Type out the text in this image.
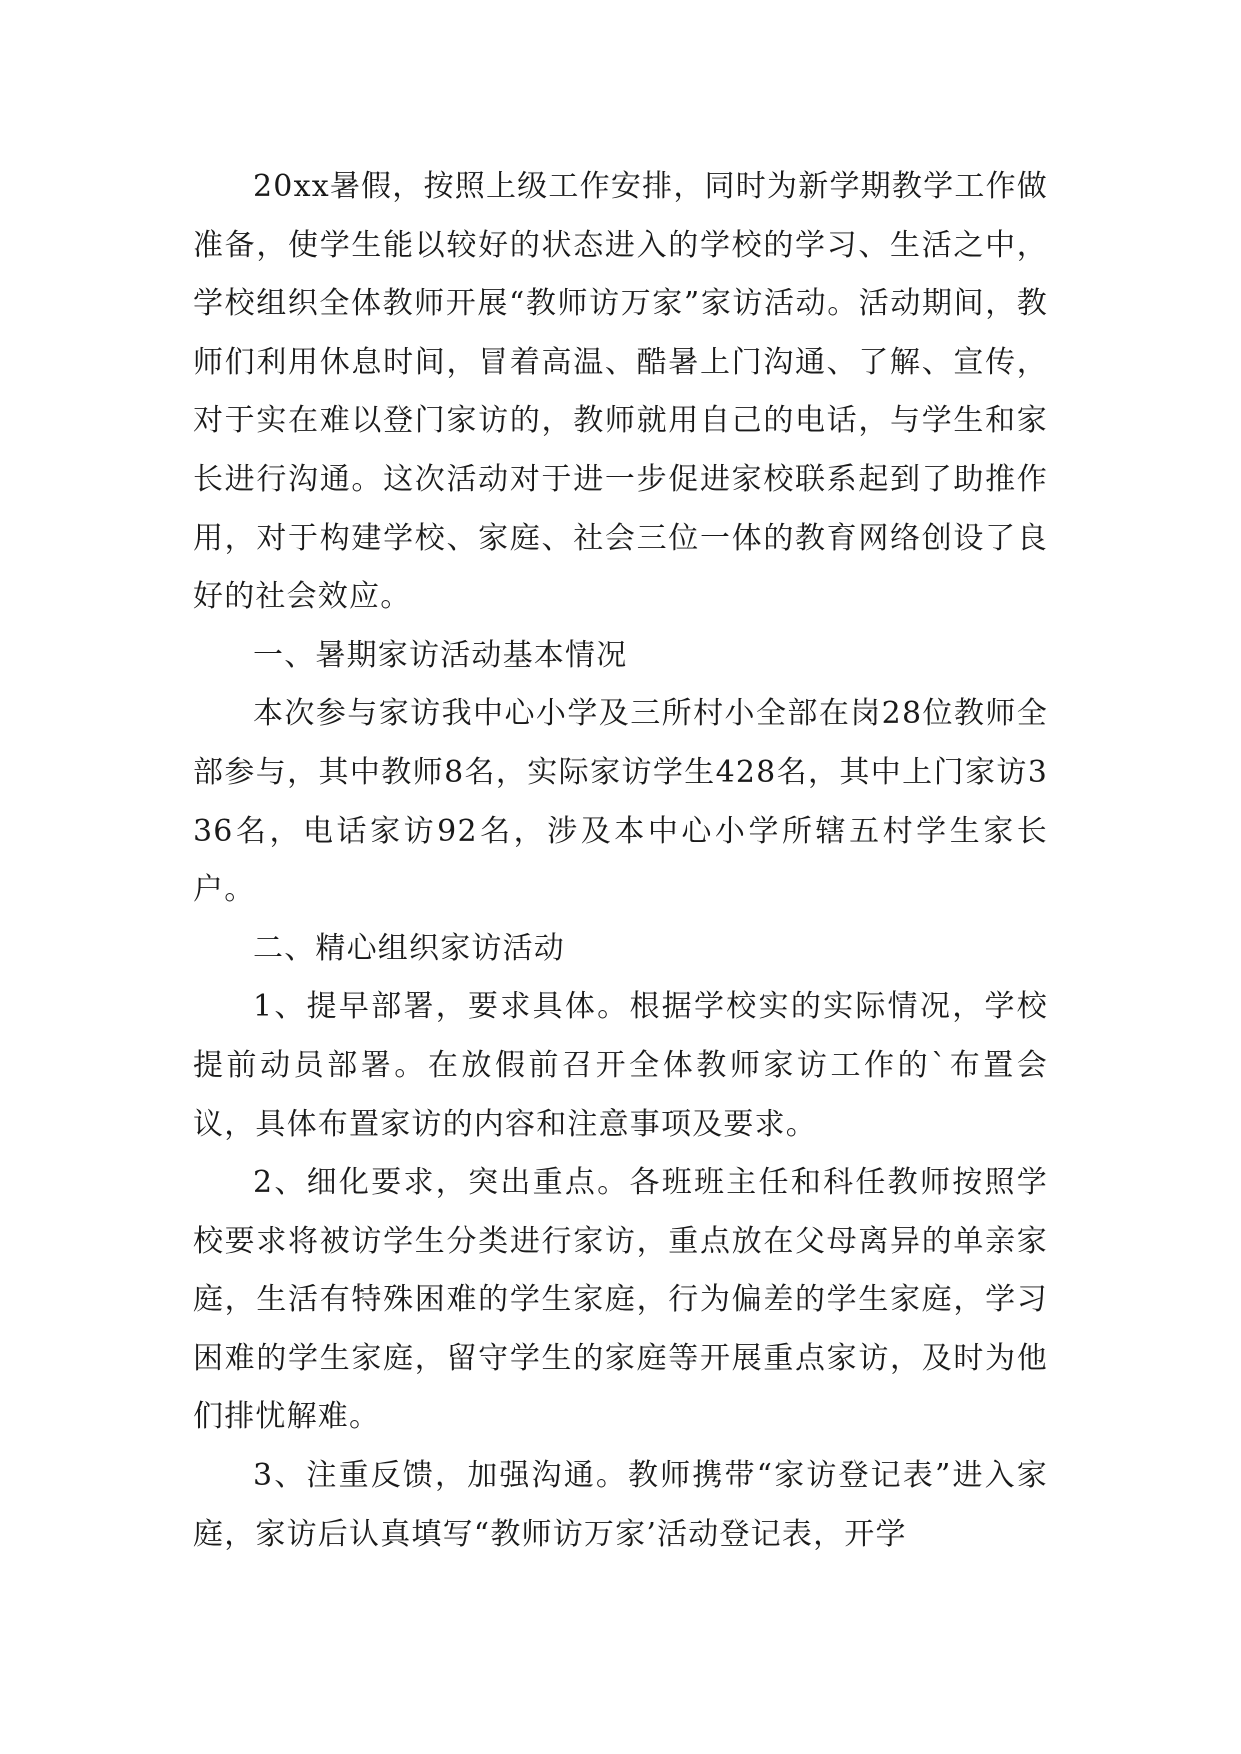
20xx暑假，按照上级工作安排，同时为新学期教学工作做准备，使学生能以较好的状态进入的学校的学习、生活之中，学校组织全体教师开展“教师访万家”家访活动。活动期间，教师们利用休息时间，冒着高温、酷暑上门沟通、了解、宣传，对于实在难以登门家访的，教师就用自己的电话，与学生和家长进行沟通。这次活动对于进一步促进家校联系起到了助推作用，对于构建学校、家庭、社会三位一体的教育网络创设了良好的社会效应。

一、暑期家访活动基本情况

本次参与家访我中心小学及三所村小全部在岗28位教师全部参与，其中教师8名，实际家访学生428名，其中上门家访336名，电话家访92名，涉及本中心小学所辖五村学生家长户。

二、精心组织家访活动

1、提早部署，要求具体。根据学校实的实际情况，学校提前动员部署。在放假前召开全体教师家访工作的`布置会议，具体布置家访的内容和注意事项及要求。

2、细化要求，突出重点。各班班主任和科任教师按照学校要求将被访学生分类进行家访，重点放在父母离异的单亲家庭，生活有特殊困难的学生家庭，行为偏差的学生家庭，学习困难的学生家庭，留守学生的家庭等开展重点家访，及时为他们排忧解难。

3、注重反馈，加强沟通。教师携带“家访登记表”进入家庭，家访后认真填写“教师访万家’活动登记表，开学
